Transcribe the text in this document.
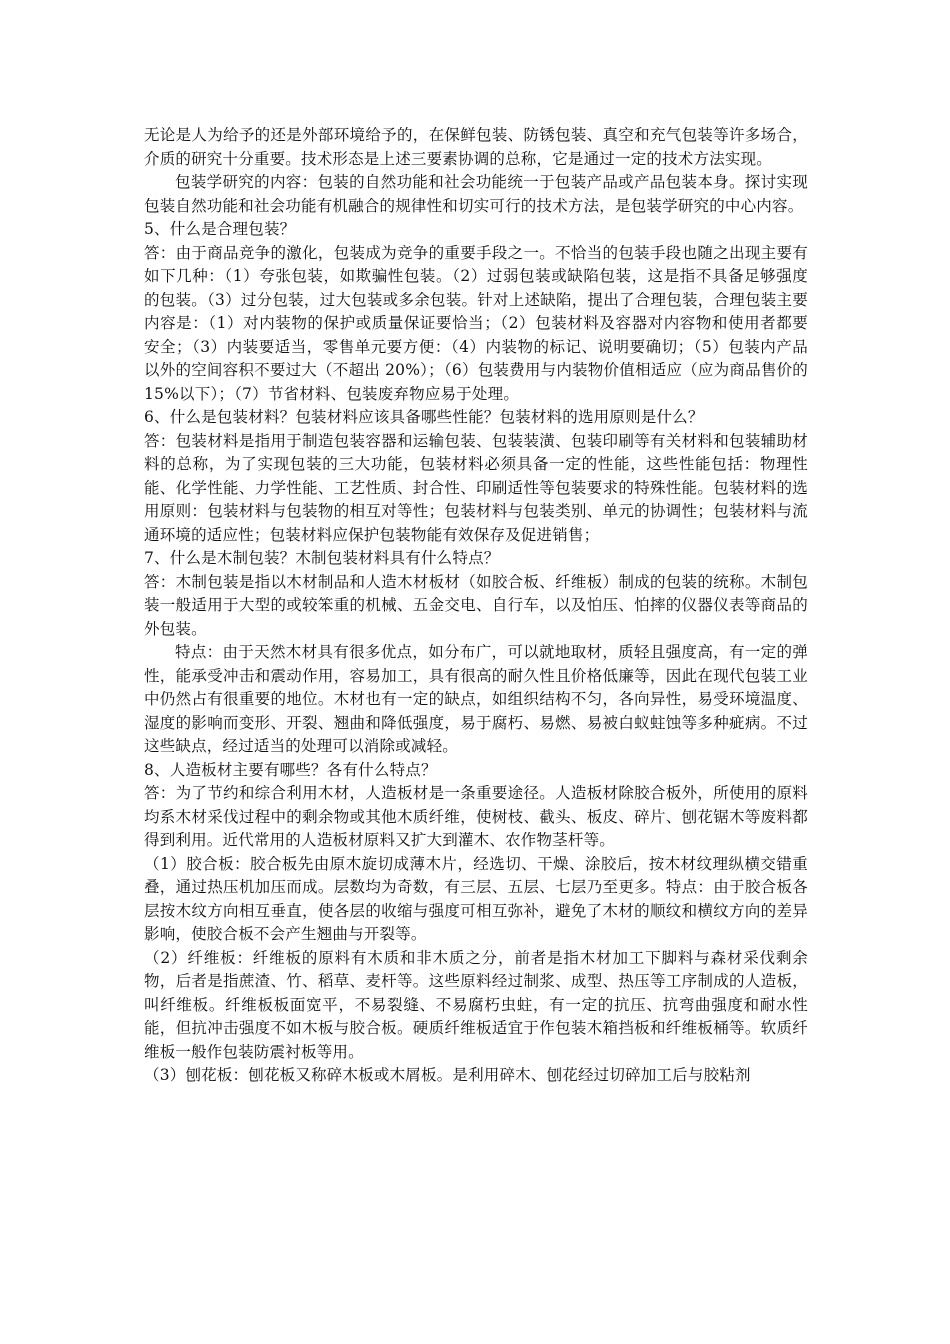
无论是人为给予的还是外部环境给予的，在保鲜包装、防锈包装、真空和充气包装等许多场合，介质的研究十分重要。技术形态是上述三要素协调的总称，它是通过一定的技术方法实现。

包装学研究的内容：包装的自然功能和社会功能统一于包装产品或产品包装本身。探讨实现包装自然功能和社会功能有机融合的规律性和切实可行的技术方法，是包装学研究的中心内容。

5、什么是合理包装？

答：由于商品竞争的激化，包装成为竞争的重要手段之一。不恰当的包装手段也随之出现主要有如下几种：（1）夸张包装，如欺骗性包装。（2）过弱包装或缺陷包装，这是指不具备足够强度的包装。（3）过分包装，过大包装或多余包装。针对上述缺陷，提出了合理包装，合理包装主要内容是：（1）对内装物的保护或质量保证要恰当；（2）包装材料及容器对内容物和使用者都要安全；（3）内装要适当，零售单元要方便：（4）内装物的标记、说明要确切；（5）包装内产品以外的空间容积不要过大（不超出 20%）；（6）包装费用与内装物价值相适应（应为商品售价的 15%以下）；（7）节省材料、包装废弃物应易于处理。

6、什么是包装材料？包装材料应该具备哪些性能？包装材料的选用原则是什么？

答：包装材料是指用于制造包装容器和运输包装、包装装潢、包装印刷等有关材料和包装辅助材料的总称，为了实现包装的三大功能，包装材料必须具备一定的性能，这些性能包括：物理性能、化学性能、力学性能、工艺性质、封合性、印刷适性等包装要求的特殊性能。包装材料的选用原则：包装材料与包装物的相互对等性；包装材料与包装类别、单元的协调性；包装材料与流通环境的适应性；包装材料应保护包装物能有效保存及促进销售；

7、什么是木制包装？木制包装材料具有什么特点？

答：木制包装是指以木材制品和人造木材板材（如胶合板、纤维板）制成的包装的统称。木制包装一般适用于大型的或较笨重的机械、五金交电、自行车，以及怕压、怕摔的仪器仪表等商品的外包装。

特点：由于天然木材具有很多优点，如分布广，可以就地取材，质轻且强度高，有一定的弹性，能承受冲击和震动作用，容易加工，具有很高的耐久性且价格低廉等，因此在现代包装工业中仍然占有很重要的地位。木材也有一定的缺点，如组织结构不匀，各向异性，易受环境温度、湿度的影响而变形、开裂、翘曲和降低强度，易于腐朽、易燃、易被白蚁蛀蚀等多种疵病。不过这些缺点，经过适当的处理可以消除或减轻。

8、人造板材主要有哪些？各有什么特点？

答：为了节约和综合利用木材，人造板材是一条重要途径。人造板材除胶合板外，所使用的原料均系木材采伐过程中的剩余物或其他木质纤维，使树枝、截头、板皮、碎片、刨花锯木等废料都得到利用。近代常用的人造板材原料又扩大到灌木、农作物茎杆等。

（1）胶合板：胶合板先由原木旋切成薄木片，经选切、干燥、涂胶后，按木材纹理纵横交错重叠，通过热压机加压而成。层数均为奇数，有三层、五层、七层乃至更多。特点：由于胶合板各层按木纹方向相互垂直，使各层的收缩与强度可相互弥补，避免了木材的顺纹和横纹方向的差异影响，使胶合板不会产生翘曲与开裂等。

（2）纤维板：纤维板的原料有木质和非木质之分，前者是指木材加工下脚料与森材采伐剩余物，后者是指蔗渣、竹、稻草、麦杆等。这些原料经过制浆、成型、热压等工序制成的人造板，叫纤维板。纤维板板面宽平，不易裂缝、不易腐朽虫蛀，有一定的抗压、抗弯曲强度和耐水性能，但抗冲击强度不如木板与胶合板。硬质纤维板适宜于作包装木箱挡板和纤维板桶等。软质纤维板一般作包装防震衬板等用。

（3）刨花板：刨花板又称碎木板或木屑板。是利用碎木、刨花经过切碎加工后与胶粘剂
